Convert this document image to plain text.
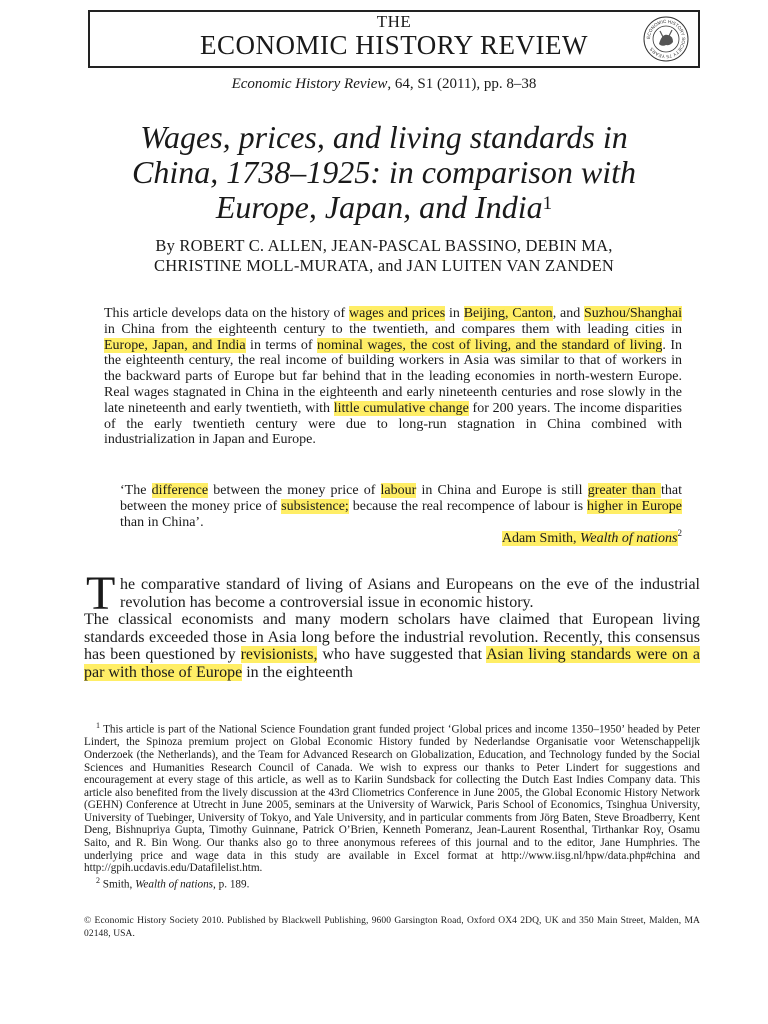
THE
ECONOMIC HISTORY REVIEW	ECONOMIC HISTORY SOCIETY 75 YEARS
Economic History Review, 64, S1 (2011), pp. 8–38
Wages, prices, and living standards in
China, 1738–1925: in comparison with
Europe, Japan, and India$^1$
By ROBERT C. ALLEN, JEAN-PASCAL BASSINO, DEBIN MA,
CHRISTINE MOLL-MURATA, and JAN LUITEN VAN ZANDEN
This article develops data on the history of wages and prices in Beijing, Canton, and Suzhou/Shanghai in China from the eighteenth century to the twentieth, and compares them with leading cities in Europe, Japan, and India in terms of nominal wages, the cost of living, and the standard of living. In the eighteenth century, the real income of building workers in Asia was similar to that of workers in the backward parts of Europe but far behind that in the leading economies in north-western Europe. Real wages stagnated in China in the eighteenth and early nineteenth centuries and rose slowly in the late nineteenth and early twentieth, with little cumulative change for 200 years. The income disparities of the early twentieth century were due to long-run stagnation in China combined with industrialization in Japan and Europe.
‘The difference between the money price of labour in China and Europe is still greater than that between the money price of subsistence; because the real recompence of labour is higher in Europe than in China’.
Adam Smith, Wealth of nations$^2$
T he comparative standard of living of Asians and Europeans on the eve of the industrial revolution has become a controversial issue in economic history.
The classical economists and many modern scholars have claimed that European living standards exceeded those in Asia long before the industrial revolution. Recently, this consensus has been questioned by revisionists, who have suggested that Asian living standards were on a par with those of Europe in the eighteenth

$^1$ This article is part of the National Science Foundation grant funded project ‘Global prices and income 1350–1950’ headed by Peter Lindert, the Spinoza premium project on Global Economic History funded by Nederlandse Organisatie voor Wetenschappelijk Onderzoek (the Netherlands), and the Team for Advanced Research on Globalization, Education, and Technology funded by the Social Sciences and Humanities Research Council of Canada. We wish to express our thanks to Peter Lindert for suggestions and encouragement at every stage of this article, as well as to Kariin Sundsback for collecting the Dutch East Indies Company data. This article also benefited from the lively discussion at the 43rd Cliometrics Conference in June 2005, the Global Economic History Network (GEHN) Conference at Utrecht in June 2005, seminars at the University of Warwick, Paris School of Economics, Tsinghua University, University of Tuebinger, University of Tokyo, and Yale University, and in particular comments from Jörg Baten, Steve Broadberry, Kent Deng, Bishnupriya Gupta, Timothy Guinnane, Patrick O’Brien, Kenneth Pomeranz, Jean-Laurent Rosenthal, Tirthankar Roy, Osamu Saito, and R. Bin Wong. Our thanks also go to three anonymous referees of this journal and to the editor, Jane Humphries. The underlying price and wage data in this study are available in Excel format at http://www.iisg.nl/hpw/data.php#china and http://gpih.ucdavis.edu/Datafilelist.htm.

$^2$ Smith, Wealth of nations, p. 189.

© Economic History Society 2010. Published by Blackwell Publishing, 9600 Garsington Road, Oxford OX4 2DQ, UK and 350 Main Street, Malden, MA 02148, USA.
